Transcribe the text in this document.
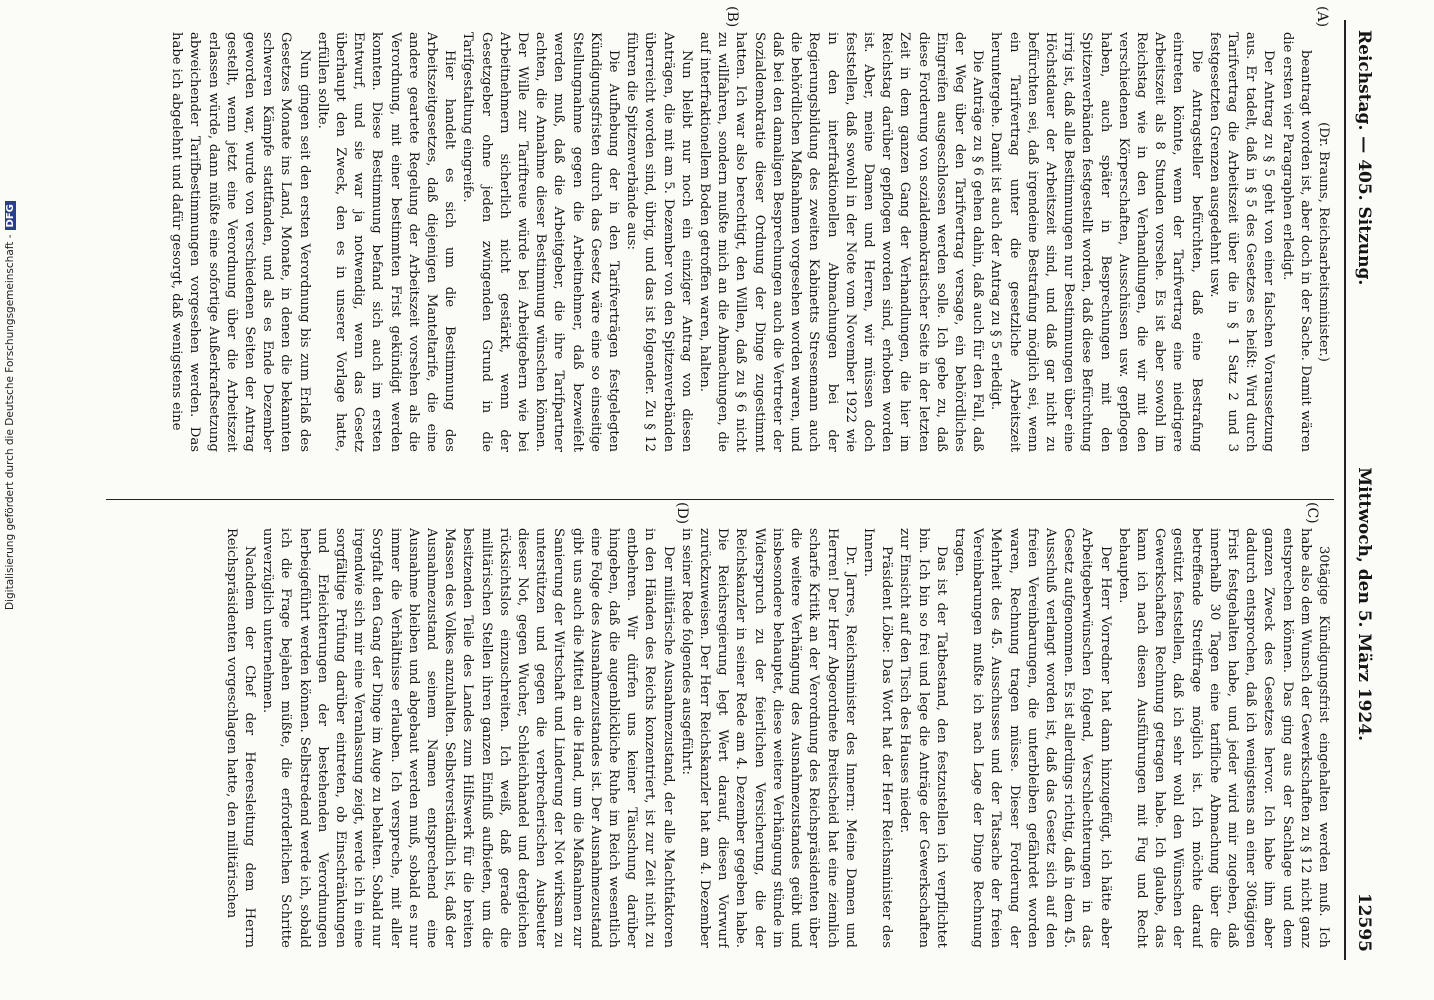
Reichstag. — 405. Sitzung.
Mittwoch, den 5. März 1924.  12595

(Dr. Brauns, Reichsarbeitsminister.)

beantragt worden ist, aber doch in der Sache. Damit wären die ersten vier Paragraphen erledigt.

Der Antrag zu § 5 geht von einer falschen Voraussetzung aus. Er tadelt, daß in § 5 des Gesetzes es heißt: Wird durch Tarifvertrag die Arbeitszeit über die in § 1 Satz 2 und 3 festgesetzten Grenzen ausgedehnt usw.

Die Antragsteller befürchten, daß eine Bestrafung eintreten könnte, wenn der Tarifvertrag eine niedrigere Arbeitszeit als 8 Stunden vorsehe. Es ist aber sowohl im Reichstag wie in den Verhandlungen, die wir mit den verschiedenen Körperschaften, Ausschüssen usw. gepflogen haben, auch später in Besprechungen mit den Spitzenverbänden festgestellt worden, daß diese Befürchtung irrig ist, daß alle Bestimmungen nur Bestimmungen über eine Höchstdauer der Arbeitszeit sind, und daß gar nicht zu befürchten sei, daß irgendeine Bestrafung möglich sei, wenn ein Tarifvertrag unter die gesetzliche Arbeitszeit heruntergehe. Damit ist auch der Antrag zu § 5 erledigt.

Die Anträge zu § 6 gehen dahin, daß auch für den Fall, daß der Weg über den Tarifvertrag versage, ein behördliches Eingreifen ausgeschlossen werden solle. Ich gebe zu, daß diese Forderung von sozialdemokratischer Seite in der letzten Zeit in dem ganzen Gang der Verhandlungen, die hier im Reichstag darüber gepflogen worden sind, erhoben worden ist. Aber, meine Damen und Herren, wir müssen doch feststellen, daß sowohl in der Note vom November 1922 wie in den interfraktionellen Abmachungen bei der Regierungsbildung des zweiten Kabinetts Stresemann auch die behördlichen Maßnahmen vorgesehen worden waren, und daß bei den damaligen Besprechungen auch die Vertreter der Sozialdemokratie dieser Ordnung der Dinge zugestimmt hatten. Ich war also berechtigt, den Willen, daß zu § 6 nicht zu willfahren, sondern mußte mich an die Abmachungen, die auf interfraktionellem Boden getroffen waren, halten.

Nun bleibt nur noch ein einziger Antrag von diesen Anträgen, die mit am 5. Dezember von den Spitzenverbänden überreicht worden sind, übrig, und das ist folgender. Zu § 12 führen die Spitzenverbände aus:

Die Aufhebung der in den Tarifverträgen festgelegten Kündigungsfristen durch das Gesetz wäre eine so einseitige Stellungnahme gegen die Arbeitnehmer, daß bezweifelt werden muß, daß die Arbeitgeber, die ihre Tarifpartner achten, die Annahme dieser Bestimmung wünschen können. Der Wille zur Tariftreue würde bei Arbeitgebern wie bei Arbeitnehmern sicherlich nicht gestärkt, wenn der Gesetzgeber ohne jeden zwingenden Grund in die Tarifgestaltung eingreife.

Hier handelt es sich um die Bestimmung des Arbeitszeitgesetzes, daß diejenigen Manteltarife, die eine andere geartete Regelung der Arbeitszeit vorsehen als die Verordnung, mit einer bestimmten Frist gekündigt werden konnten. Diese Bestimmung befand sich auch im ersten Entwurf, und sie war ja notwendig, wenn das Gesetz überhaupt den Zweck, den es in unserer Vorlage hatte, erfüllen sollte.

Nun gingen seit den ersten Verordnung bis zum Erlaß des Gesetzes Monate ins Land, Monate, in denen die bekannten schweren Kämpfe stattfanden, und als es Ende Dezember geworden war, wurde von verschiedenen Seiten der Antrag gestellt, wenn jetzt eine Verordnung über die Arbeitszeit erlassen würde, dann müßte eine sofortige Außerkraftsetzung abweichender Tarifbestimmungen vorgesehen werden. Das habe ich abgelehnt und dafür gesorgt, daß wenigstens eine

30tägige Kündigungsfrist eingehalten werden muß. Ich habe also dem Wunsch der Gewerkschaften zu § 12 nicht ganz entsprechen können. Das ging aus der Sachlage und dem ganzen Zweck des Gesetzes hervor. Ich habe ihm aber dadurch entsprochen, daß ich wenigstens an einer 30tägigen Frist festgehalten habe, und jeder wird mir zugeben, daß innerhalb 30 Tagen eine tarifliche Abmachung über die betreffende Streitfrage möglich ist. Ich möchte darauf gestützt feststellen, daß ich sehr wohl den Wünschen der Gewerkschaften Rechnung getragen habe. Ich glaube, das kann ich nach diesen Ausführungen mit Fug und Recht behaupten.

Der Herr Vorredner hat dann hinzugefügt, ich hätte aber Arbeitgeberwünschen folgend, Verschlechterungen in das Gesetz aufgenommen. Es ist allerdings richtig, daß in dem 45. Ausschuß verlangt worden ist, daß das Gesetz sich auf den freien Vereinbarungen, die unterbleiben gefährdet worden waren, Rechnung tragen müsse. Dieser Forderung der Mehrheit des 45. Ausschusses und der Tatsache der freien Vereinbarungen mußte ich nach Lage der Dinge Rechnung tragen.

Das ist der Tatbestand, den festzustellen ich verpflichtet bin. Ich bin so frei und lege die Anträge der Gewerkschaften zur Einsicht auf den Tisch des Hauses nieder.

Präsident Löbe: Das Wort hat der Herr Reichsminister des Innern.

Dr. Jarres, Reichsminister des Innern: Meine Damen und Herren! Der Herr Abgeordnete Breitscheid hat eine ziemlich scharfe Kritik an der Verordnung des Reichspräsidenten über die weitere Verhängung des Ausnahmezustandes geübt und insbesondere behauptet, diese weitere Verhängung stünde im Widerspruch zu der feierlichen Versicherung, die der Reichskanzler in seiner Rede am 4. Dezember gegeben habe. Die Reichsregierung legt Wert darauf, diesen Vorwurf zurückzuweisen. Der Herr Reichskanzler hat am 4. Dezember in seiner Rede folgendes ausgeführt:

Der militärische Ausnahmezustand, der alle Machtfaktoren in den Händen des Reichs konzentriert, ist zur Zeit nicht zu entbehren. Wir dürfen uns keiner Täuschung darüber hingeben, daß die augenblickliche Ruhe im Reich wesentlich eine Folge des Ausnahmezustandes ist. Der Ausnahmezustand gibt uns auch die Mittel an die Hand, um die Maßnahmen zur Sanierung der Wirtschaft und Linderung der Not wirksam zu unterstützen und gegen die verbrecherischen Ausbeuter dieser Not, gegen Wucher, Schleichhandel und dergleichen rücksichtslos einzuschreiten. Ich weiß, daß gerade die militärischen Stellen ihren ganzen Einfluß aufbieten, um die besitzenden Teile des Landes zum Hilfswerk für die breiten Massen des Volkes anzuhalten. Selbstverständlich ist, daß der Ausnahmezustand seinem Namen entsprechend eine Ausnahme bleiben und abgebaut werden muß, sobald es nur immer die Verhältnisse erlauben. Ich verspreche, mit aller Sorgfalt den Gang der Dinge im Auge zu behalten. Sobald nur irgendwie sich mir eine Veranlassung zeigt, werde ich in eine sorgfältige Prüfung darüber eintreten, ob Einschränkungen und Erleichterungen der bestehenden Verordnungen herbeigeführt werden können. Selbstredend werde ich, sobald ich die Frage bejahen müßte, die erforderlichen Schritte unverzüglich unternehmen.

Nachdem der Chef der Heeresleitung dem Herrn Reichspräsidenten vorgeschlagen hatte, den militärischen

(A)
(B)
(C)
(D)
Digitalisierung gefördert durch die Deutsche Forschungsgemeinschaft -DFG
